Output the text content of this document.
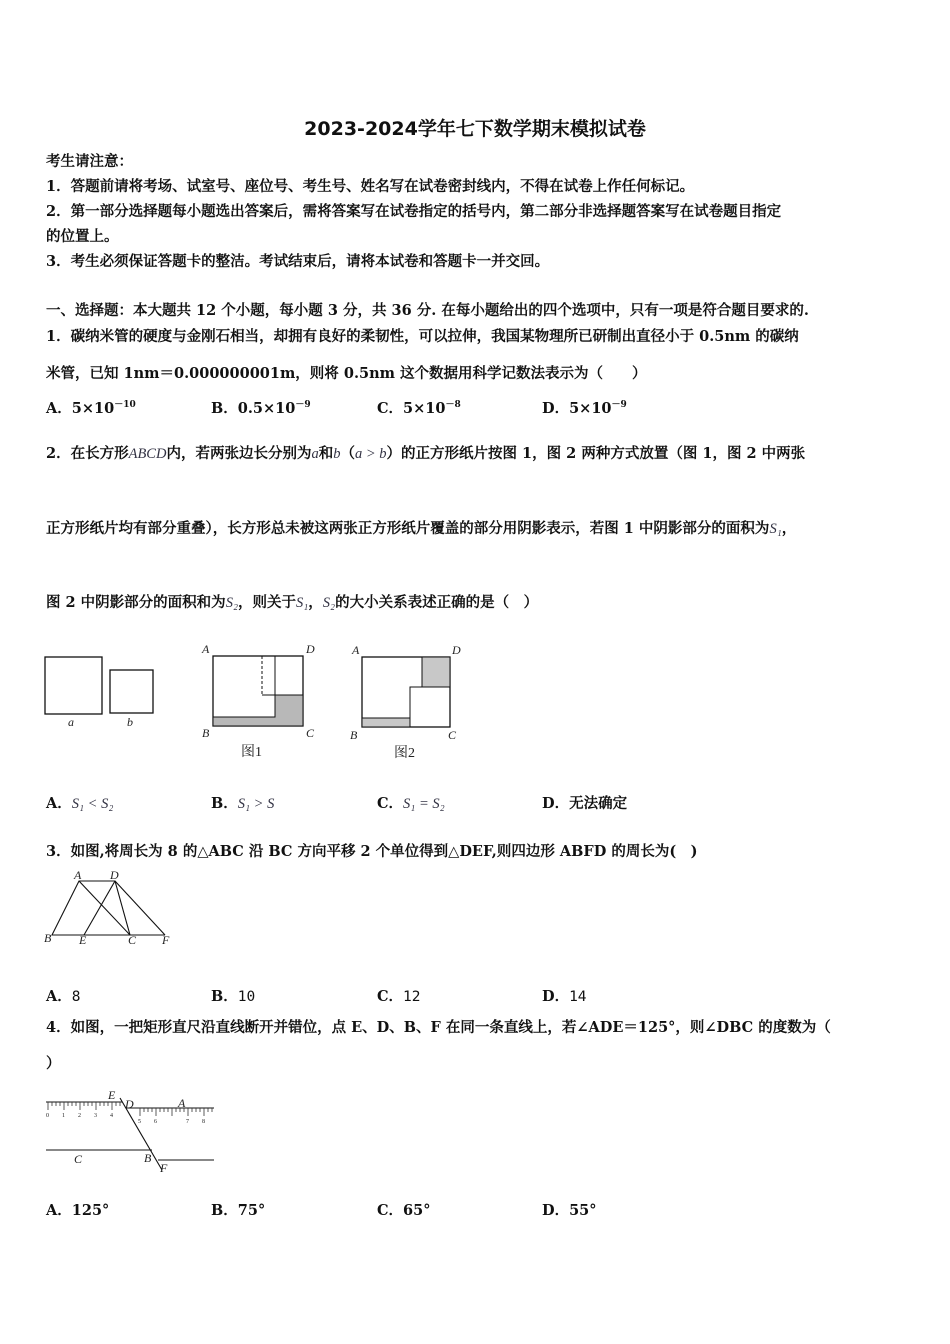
2023-2024学年七下数学期末模拟试卷
考生请注意：
1．答题前请将考场、试室号、座位号、考生号、姓名写在试卷密封线内，不得在试卷上作任何标记。
2．第一部分选择题每小题选出答案后，需将答案写在试卷指定的括号内，第二部分非选择题答案写在试卷题目指定
的位置上。
3．考生必须保证答题卡的整洁。考试结束后，请将本试卷和答题卡一并交回。
一、选择题：本大题共 12 个小题，每小题 3 分，共 36 分. 在每小题给出的四个选项中，只有一项是符合题目要求的.
1．碳纳米管的硬度与金刚石相当，却拥有良好的柔韧性，可以拉伸，我国某物理所已研制出直径小于 0.5nm 的碳纳
米管，已知 1nm＝0.000000001m，则将 0.5nm 这个数据用科学记数法表示为（　　）
A．$5\times 10^{-10}$	B．$0.5\times 10^{-9}$	C．$5\times 10^{-8}$	D．$5\times 10^{-9}$
2．在长方形ABCD内，若两张边长分别为a和b（a > b）的正方形纸片按图 1，图 2 两种方式放置（图 1，图 2 中两张
正方形纸片均有部分重叠），长方形总未被这两张正方形纸片覆盖的部分用阴影表示，若图 1 中阴影部分的面积为S₁，
图 2 中阴影部分的面积和为S₂，则关于S₁，S₂的大小关系表述正确的是（　）
a	b
A	D
B	C
图1
A	D
B	C
图2
A．S₁ < S₂	B．S₁ > S	C．S₁ = S₂	D．无法确定
3．如图,将周长为 8 的△ABC 沿 BC 方向平移 2 个单位得到△DEF,则四边形 ABFD 的周长为(　)
A D
B E	C F
A．8	B．10	C．12	D．14
4．如图，一把矩形直尺沿直线断开并错位，点 E、D、B、F 在同一条直线上，若∠ADE＝125°，则∠DBC 的度数为（
）
0 1 2 3 4
5 6	7 8
E
D	A
C	B
F
A．125°	B．75°	C．65°	D．55°
